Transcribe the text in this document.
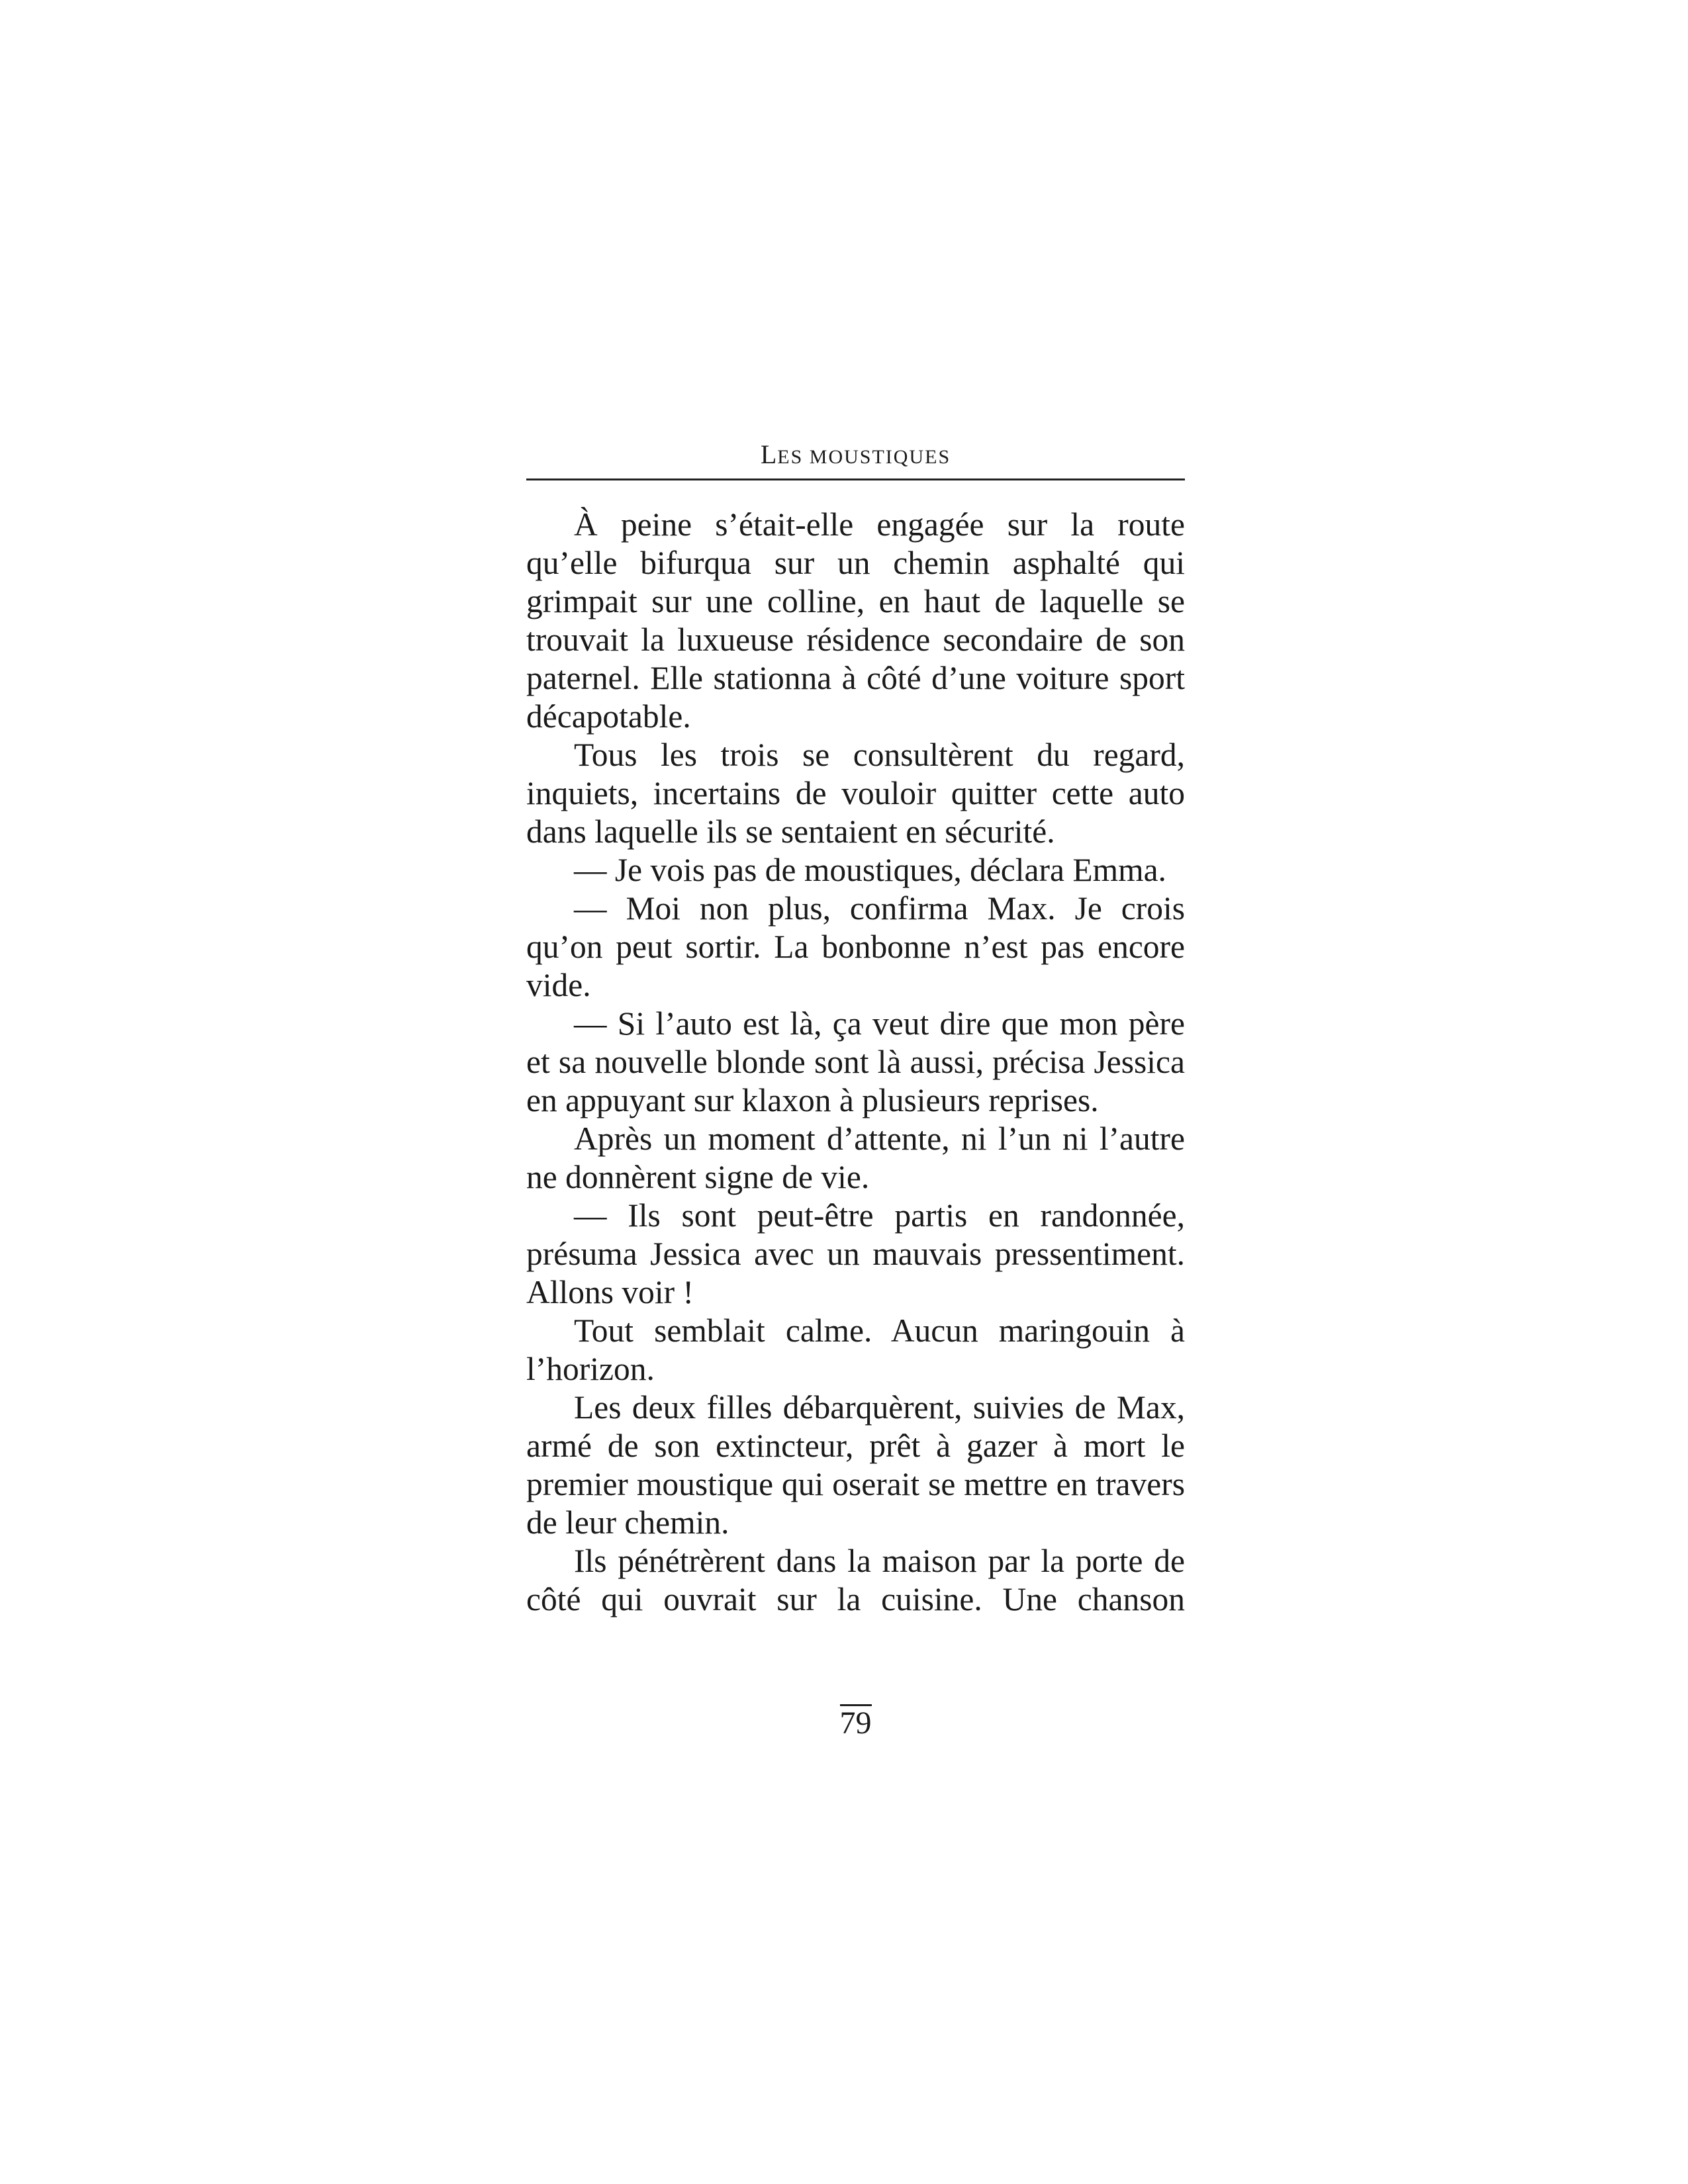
LES MOUSTIQUES

À peine s’était-elle engagée sur la route qu’elle bifurqua sur un chemin asphalté qui grimpait sur une colline, en haut de laquelle se trouvait la luxueuse résidence secondaire de son paternel. Elle stationna à côté d’une voiture sport décapotable.

Tous les trois se consultèrent du regard, inquiets, incertains de vouloir quitter cette auto dans laquelle ils se sentaient en sécurité.

— Je vois pas de moustiques, déclara Emma.

— Moi non plus, confirma Max. Je crois qu’on peut sortir. La bonbonne n’est pas encore vide.

— Si l’auto est là, ça veut dire que mon père et sa nouvelle blonde sont là aussi, précisa Jessica en appuyant sur klaxon à plusieurs reprises.

Après un moment d’attente, ni l’un ni l’autre ne donnèrent signe de vie.

— Ils sont peut-être partis en randonnée, présuma Jessica avec un mauvais pressentiment. Allons voir !

Tout semblait calme. Aucun maringouin à l’horizon.

Les deux filles débarquèrent, suivies de Max, armé de son extincteur, prêt à gazer à mort le premier moustique qui oserait se mettre en travers de leur chemin.

Ils pénétrèrent dans la maison par la porte de côté qui ouvrait sur la cuisine. Une chanson

79
